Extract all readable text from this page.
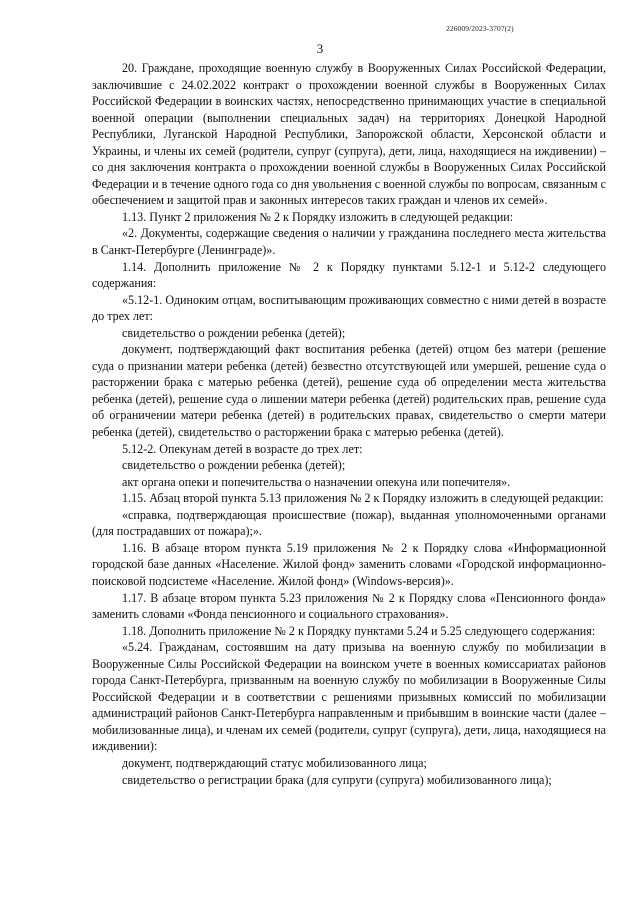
226009/2023-3707(2)
3

20. Граждане, проходящие военную службу в Вооруженных Силах Российской Федерации, заключившие с 24.02.2022 контракт о прохождении военной службы в Вооруженных Силах Российской Федерации в воинских частях, непосредственно принимающих участие в специальной военной операции (выполнении специальных задач) на территориях Донецкой Народной Республики, Луганской Народной Республики, Запорожской области, Херсонской области и Украины, и члены их семей (родители, супруг (супруга), дети, лица, находящиеся на иждивении) – со дня заключения контракта о прохождении военной службы в Вооруженных Силах Российской Федерации и в течение одного года со дня увольнения с военной службы по вопросам, связанным с обеспечением и защитой прав и законных интересов таких граждан и членов их семей».

1.13. Пункт 2 приложения № 2 к Порядку изложить в следующей редакции:

«2. Документы, содержащие сведения о наличии у гражданина последнего места жительства в Санкт-Петербурге (Ленинграде)».

1.14. Дополнить приложение № 2 к Порядку пунктами 5.12-1 и 5.12-2 следующего содержания:

«5.12-1. Одиноким отцам, воспитывающим проживающих совместно с ними детей в возрасте до трех лет:

свидетельство о рождении ребенка (детей);

документ, подтверждающий факт воспитания ребенка (детей) отцом без матери (решение суда о признании матери ребенка (детей) безвестно отсутствующей или умершей, решение суда о расторжении брака с матерью ребенка (детей), решение суда об определении места жительства ребенка (детей), решение суда о лишении матери ребенка (детей) родительских прав, решение суда об ограничении матери ребенка (детей) в родительских правах, свидетельство о смерти матери ребенка (детей), свидетельство о расторжении брака с матерью ребенка (детей).

5.12-2. Опекунам детей в возрасте до трех лет:

свидетельство о рождении ребенка (детей);

акт органа опеки и попечительства о назначении опекуна или попечителя».

1.15. Абзац второй пункта 5.13 приложения № 2 к Порядку изложить в следующей редакции:

«справка, подтверждающая происшествие (пожар), выданная уполномоченными органами (для пострадавших от пожара);».

1.16. В абзаце втором пункта 5.19 приложения № 2 к Порядку слова «Информационной городской базе данных «Население. Жилой фонд» заменить словами «Городской информационно-поисковой подсистеме «Население. Жилой фонд» (Windows-версия)».

1.17. В абзаце втором пункта 5.23 приложения № 2 к Порядку слова «Пенсионного фонда» заменить словами «Фонда пенсионного и социального страхования».

1.18. Дополнить приложение № 2 к Порядку пунктами 5.24 и 5.25 следующего содержания:

«5.24. Гражданам, состоявшим на дату призыва на военную службу по мобилизации в Вооруженные Силы Российской Федерации на воинском учете в военных комиссариатах районов города Санкт-Петербурга, призванным на военную службу по мобилизации в Вооруженные Силы Российской Федерации и в соответствии с решениями призывных комиссий по мобилизации администраций районов Санкт-Петербурга направленным и прибывшим в воинские части (далее – мобилизованные лица), и членам их семей (родители, супруг (супруга), дети, лица, находящиеся на иждивении):

документ, подтверждающий статус мобилизованного лица;

свидетельство о регистрации брака (для супруги (супруга) мобилизованного лица);
